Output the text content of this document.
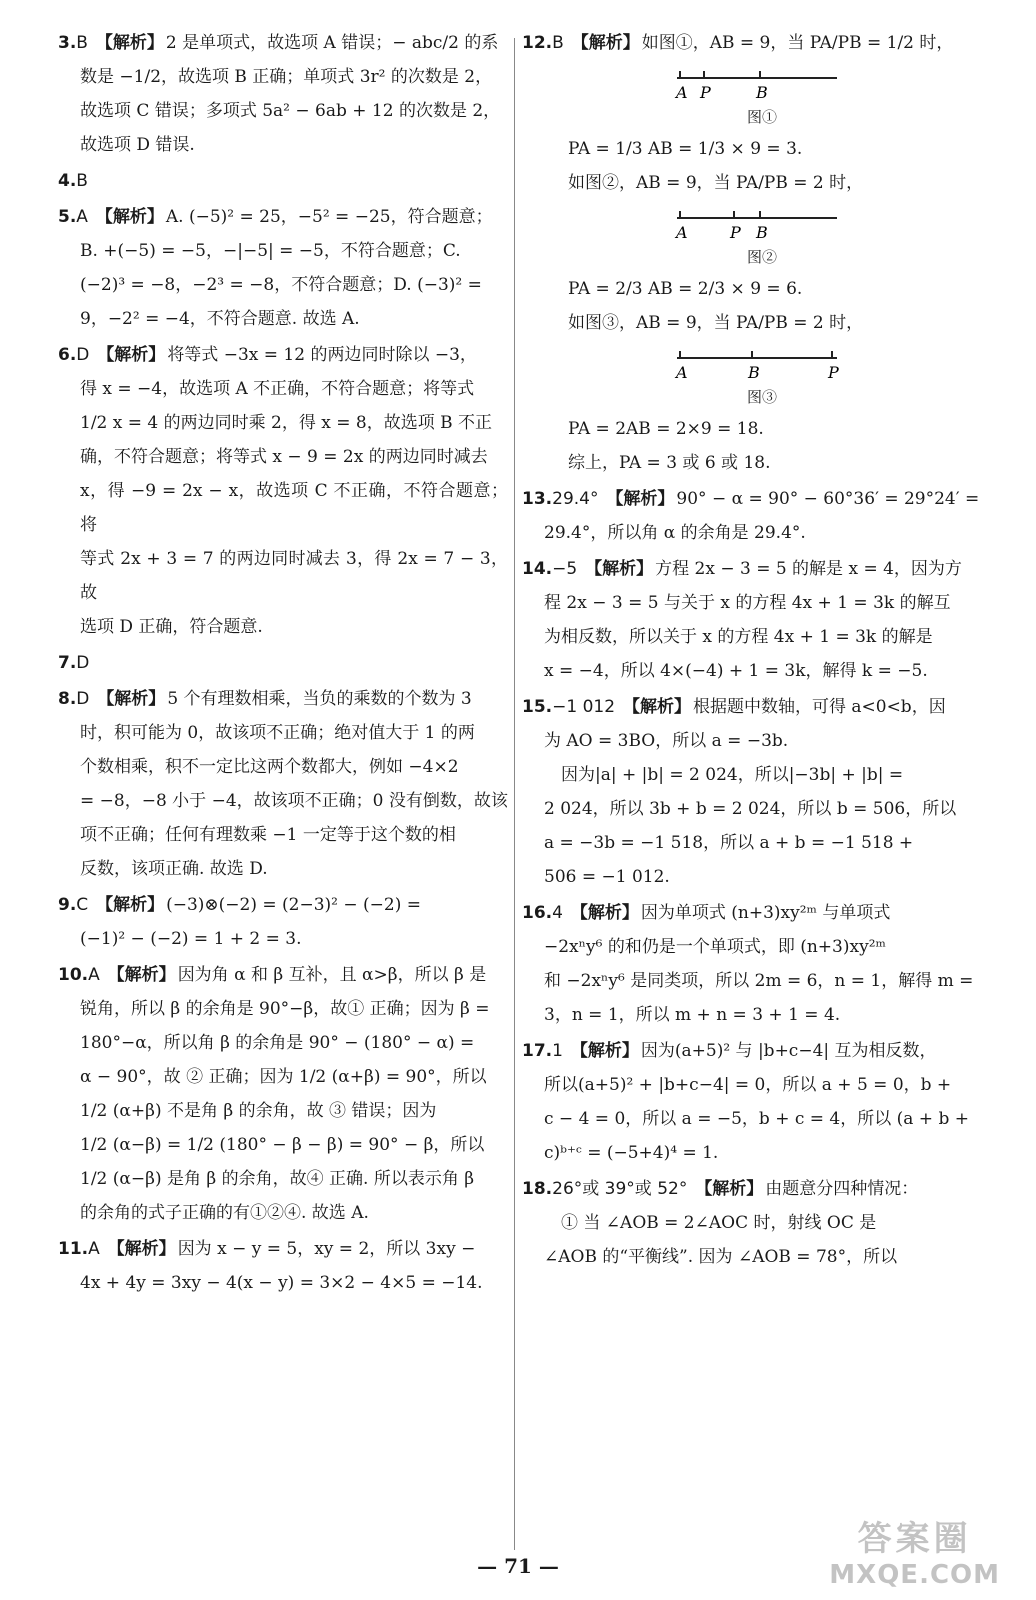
3.B 【解析】 2 是单项式，故选项 A 错误；− abc/2 的系

数是 −1/2，故选项 B 正确；单项式 3r² 的次数是 2，

故选项 C 错误；多项式 5a² − 6ab + 12 的次数是 2，

故选项 D 错误.

4.B

5.A 【解析】 A. (−5)² = 25，−5² = −25，符合题意；

B. +(−5) = −5，−|−5| = −5，不符合题意；C.

(−2)³ = −8，−2³ = −8，不符合题意；D. (−3)² =

9，−2² = −4，不符合题意. 故选 A.

6.D 【解析】 将等式 −3x = 12 的两边同时除以 −3，

得 x = −4，故选项 A 不正确，不符合题意；将等式

1/2 x = 4 的两边同时乘 2，得 x = 8，故选项 B 不正

确，不符合题意；将等式 x − 9 = 2x 的两边同时减去

x，得 −9 = 2x − x，故选项 C 不正确，不符合题意；将

等式 2x + 3 = 7 的两边同时减去 3，得 2x = 7 − 3，故

选项 D 正确，符合题意.

7.D

8.D 【解析】 5 个有理数相乘，当负的乘数的个数为 3

时，积可能为 0，故该项不正确；绝对值大于 1 的两

个数相乘，积不一定比这两个数都大，例如 −4×2

= −8，−8 小于 −4，故该项不正确；0 没有倒数，故该

项不正确；任何有理数乘 −1 一定等于这个数的相

反数，该项正确. 故选 D.

9.C 【解析】 (−3)⊗(−2) = (2−3)² − (−2) =

(−1)² − (−2) = 1 + 2 = 3.

10.A 【解析】 因为角 α 和 β 互补，且 α>β，所以 β 是

锐角，所以 β 的余角是 90°−β，故① 正确；因为 β =

180°−α，所以角 β 的余角是 90° − (180° − α) =

α − 90°，故 ② 正确；因为 1/2 (α+β) = 90°，所以

1/2 (α+β) 不是角 β 的余角，故 ③ 错误；因为

1/2 (α−β) = 1/2 (180° − β − β) = 90° − β，所以

1/2 (α−β) 是角 β 的余角，故④ 正确. 所以表示角 β

的余角的式子正确的有①②④. 故选 A.

11.A 【解析】 因为 x − y = 5，xy = 2，所以 3xy −

4x + 4y = 3xy − 4(x − y) = 3×2 − 4×5 = −14.

12.B 【解析】 如图①，AB = 9，当 PA/PB = 1/2 时，

A P	B
图①

PA = 1/3 AB = 1/3 × 9 = 3.

如图②，AB = 9，当 PA/PB = 2 时，

A	P B
图②

PA = 2/3 AB = 2/3 × 9 = 6.

如图③，AB = 9，当 PA/PB = 2 时，

A	B	P
图③

PA = 2AB = 2×9 = 18.

综上，PA = 3 或 6 或 18.

13.29.4° 【解析】 90° − α = 90° − 60°36′ = 29°24′ =

29.4°，所以角 α 的余角是 29.4°.

14.−5 【解析】 方程 2x − 3 = 5 的解是 x = 4，因为方

程 2x − 3 = 5 与关于 x 的方程 4x + 1 = 3k 的解互

为相反数，所以关于 x 的方程 4x + 1 = 3k 的解是

x = −4，所以 4×(−4) + 1 = 3k，解得 k = −5.

15.−1 012 【解析】 根据题中数轴，可得 a<0<b，因

为 AO = 3BO，所以 a = −3b.

　因为|a| + |b| = 2 024，所以|−3b| + |b| =

2 024，所以 3b + b = 2 024，所以 b = 506，所以

a = −3b = −1 518，所以 a + b = −1 518 +

506 = −1 012.

16.4 【解析】 因为单项式 (n+3)xy²ᵐ 与单项式

−2xⁿy⁶ 的和仍是一个单项式，即 (n+3)xy²ᵐ

和 −2xⁿy⁶ 是同类项，所以 2m = 6，n = 1，解得 m =

3，n = 1，所以 m + n = 3 + 1 = 4.

17.1 【解析】 因为(a+5)² 与 |b+c−4| 互为相反数，

所以(a+5)² + |b+c−4| = 0，所以 a + 5 = 0，b +

c − 4 = 0，所以 a = −5，b + c = 4，所以 (a + b +

c)ᵇ⁺ᶜ = (−5+4)⁴ = 1.

18.26°或 39°或 52° 【解析】 由题意分四种情况：

　① 当 ∠AOB = 2∠AOC 时，射线 OC 是

∠AOB 的“平衡线”. 因为 ∠AOB = 78°，所以

— 71 —
答案圈
MXQE.COM
